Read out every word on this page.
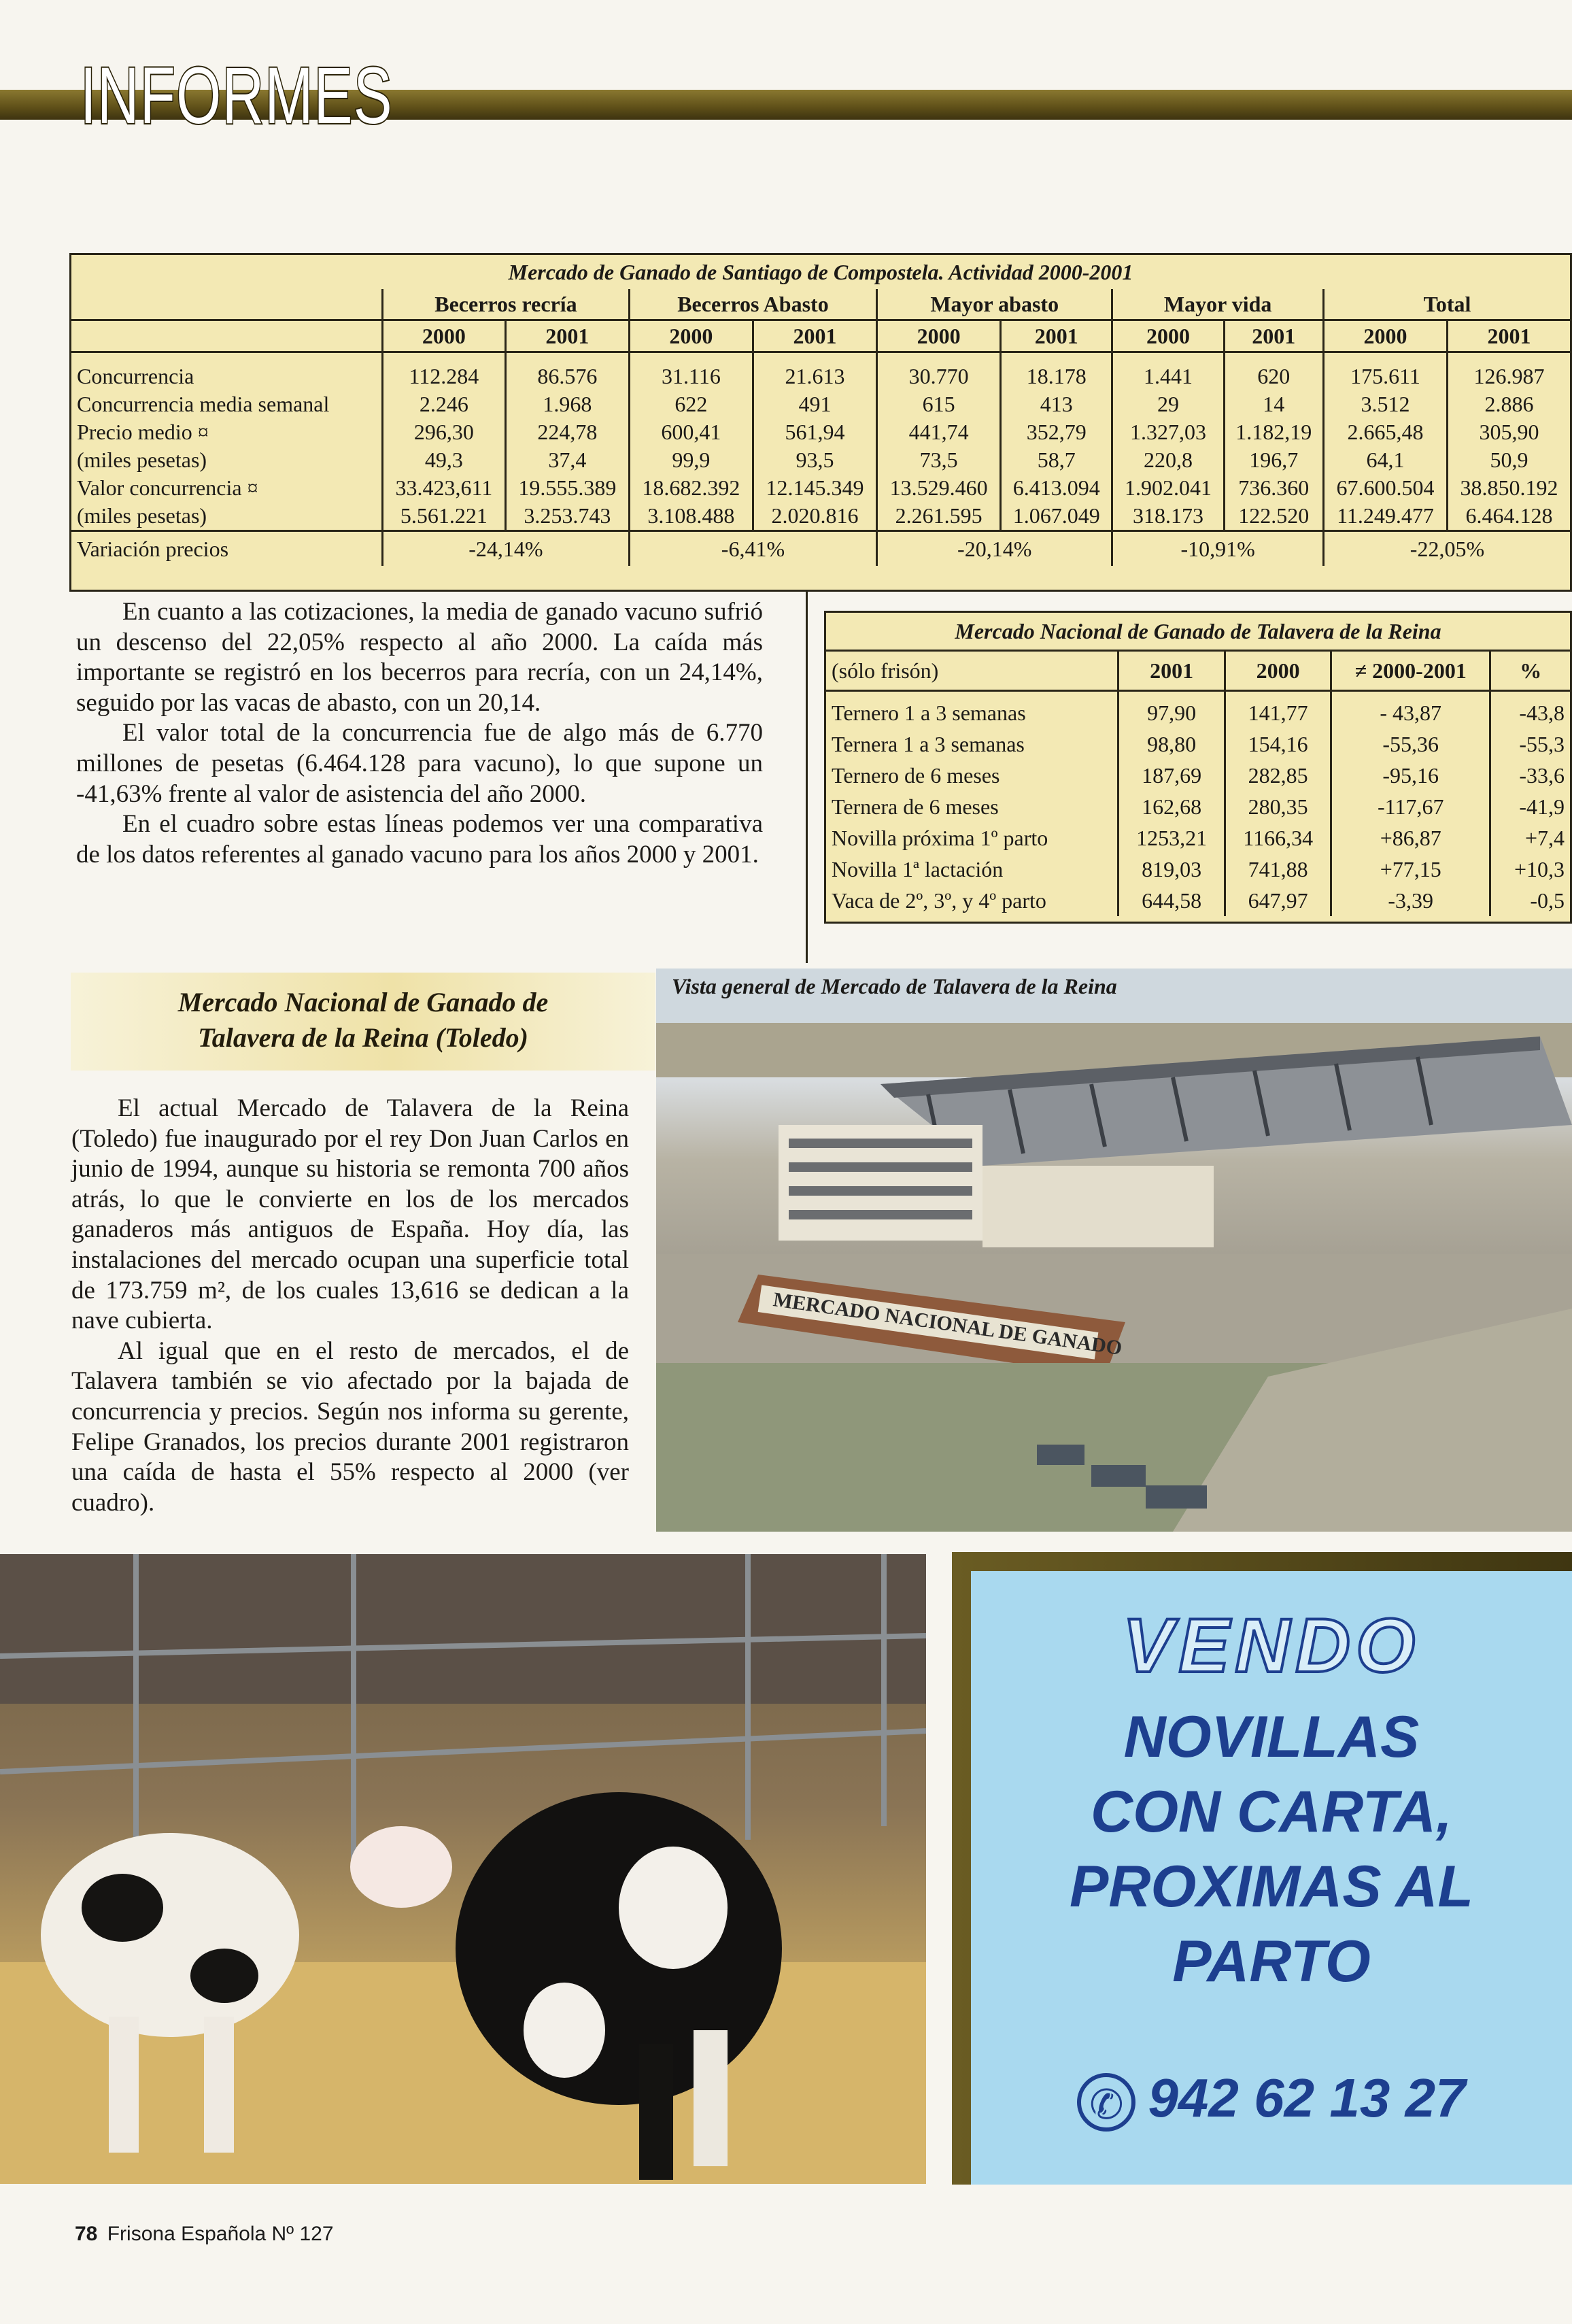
INFORMES
Mercado de Ganado de Santiago de Compostela. Actividad 2000-2001
	Becerros recría		Becerros Abasto		Mayor abasto		Mayor vida		Total	
	2000	2001	2000	2001	2000	2001	2000	2001	2000	2001
Concurrencia	112.284	86.576	31.116	21.613	30.770	18.178	1.441	620	175.611	126.987
Concurrencia media semanal	2.246	1.968	622	491	615	413	29	14	3.512	2.886
Precio medio ¤	296,30	224,78	600,41	561,94	441,74	352,79	1.327,03	1.182,19	2.665,48	305,90
(miles pesetas)	49,3	37,4	99,9	93,5	73,5	58,7	220,8	196,7	64,1	50,9
Valor concurrencia ¤	33.423,611	19.555.389	18.682.392	12.145.349	13.529.460	6.413.094	1.902.041	736.360	67.600.504	38.850.192
(miles pesetas)	5.561.221	3.253.743	3.108.488	2.020.816	2.261.595	1.067.049	318.173	122.520	11.249.477	6.464.128
Variación precios	-24,14%		-6,41%		-20,14%		-10,91%		-22,05%	

En cuanto a las cotizaciones, la media de ganado vacuno sufrió un descenso del 22,05% respecto al año 2000. La caída más importante se registró en los becerros para recría, con un 24,14%, seguido por las vacas de abasto, con un 20,14.

El valor total de la concurrencia fue de algo más de 6.770 millones de pesetas (6.464.128 para vacuno), lo que supone un -41,63% frente al valor de asistencia del año 2000.

En el cuadro sobre estas líneas podemos ver una comparativa de los datos referentes al ganado vacuno para los años 2000 y 2001.

Mercado Nacional de Ganado de Talavera de la Reina
(sólo frisón)	2001	2000	≠ 2000-2001	%
Ternero 1 a 3 semanas	97,90	141,77	- 43,87	-43,8
Ternera 1 a 3 semanas	98,80	154,16	-55,36	-55,3
Ternero de 6 meses	187,69	282,85	-95,16	-33,6
Ternera de 6 meses	162,68	280,35	-117,67	-41,9
Novilla próxima 1º parto	1253,21	1166,34	+86,87	+7,4
Novilla 1ª lactación	819,03	741,88	+77,15	+10,3
Vaca de 2º, 3º, y 4º parto	644,58	647,97	-3,39	-0,5
Mercado Nacional de Ganado de
Talavera de la Reina (Toledo)

El actual Mercado de Talavera de la Reina (Toledo) fue inaugurado por el rey Don Juan Carlos en junio de 1994, aunque su historia se remonta 700 años atrás, lo que le convierte en los de los mercados ganaderos más antiguos de España. Hoy día, las instalaciones del mercado ocupan una superficie total de 173.759 m², de los cuales 13,616 se dedican a la nave cubierta.

Al igual que en el resto de mercados, el de Talavera también se vio afectado por la bajada de concurrencia y precios. Según nos informa su gerente, Felipe Granados, los precios durante 2001 registraron una caída de hasta el 55% respecto al 2000 (ver cuadro).

MERCADO NACIONAL DE GANADO
Vista general de Mercado de Talavera de la Reina
VENDO
NOVILLAS
CON CARTA,
PROXIMAS AL
PARTO
✆942 62 13 27
78 Frisona Española Nº 127
